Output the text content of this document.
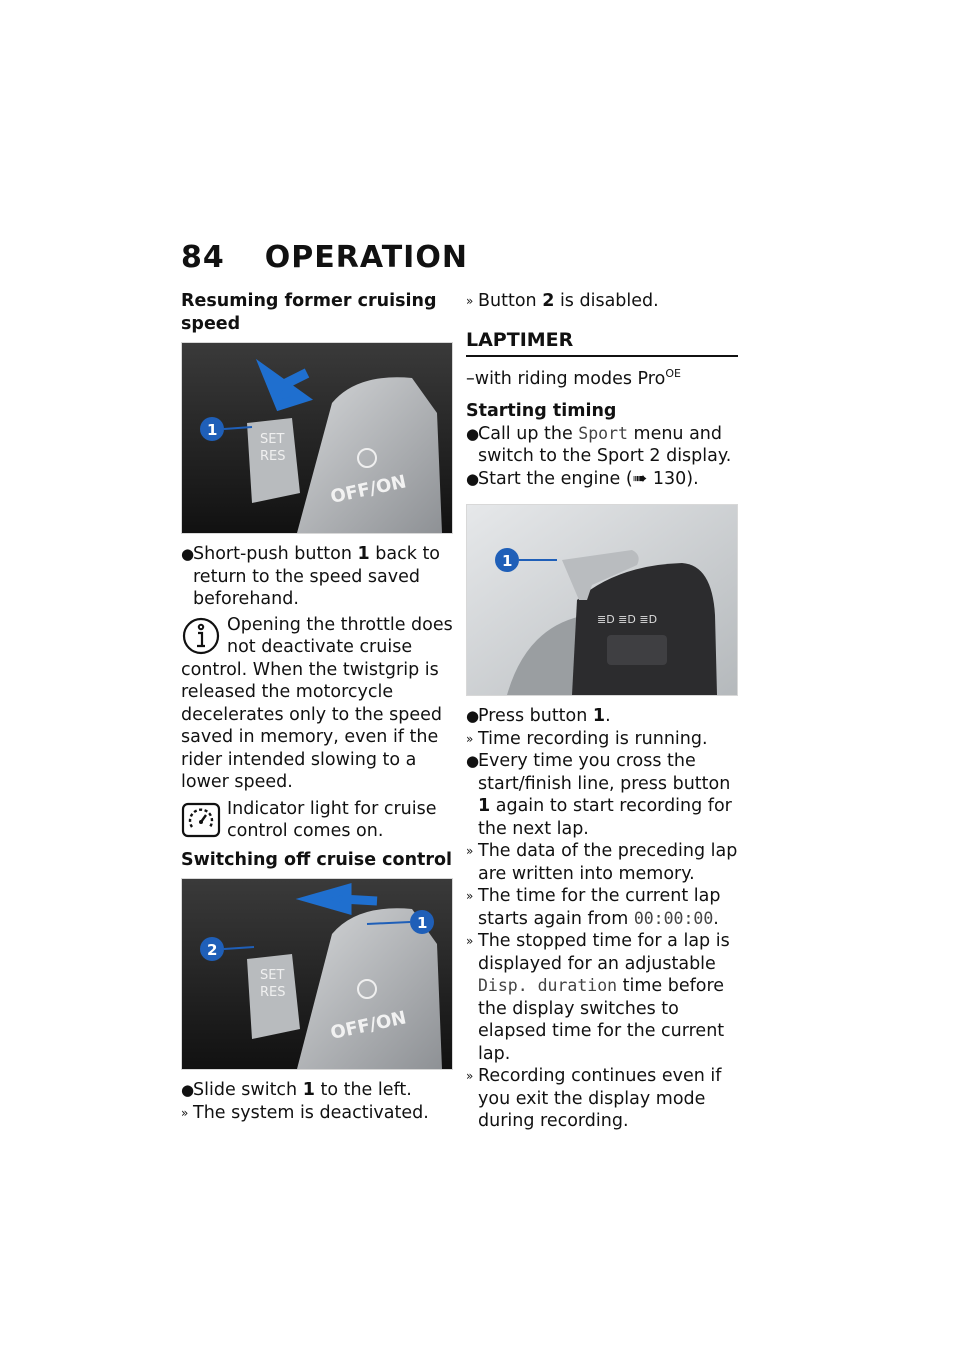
84 OPERATION

Resuming former cruising speed

SET
RES
OFF/ON
1
●
Short-push button 1 back to return to the speed saved beforehand.

Opening the throttle does not deactivate cruise control. When the twistgrip is released the motorcycle decelerates only to the speed saved in memory, even if the rider intended slowing to a lower speed.

Indicator light for cruise control comes on.

Switching off cruise control

SET
RES
OFF/ON
2
1
●
Slide switch 1 to the left.
» The system is deactivated.
» Button 2 is disabled.
LAPTIMER

–with riding modes Pro$^{OE}$

Starting timing

●
Call up the Sport menu and switch to the Sport 2 display.
●
Start the engine (➠ 130).
≣D ≣D ≣D
1
●
Press button 1.
» Time recording is running.
●
Every time you cross the start/finish line, press button 1 again to start recording for the next lap.
» The data of the preceding lap are written into memory.
» The time for the current lap starts again from 00:00:00.
» The stopped time for a lap is displayed for an adjustable Disp. duration time before the display switches to elapsed time for the current lap.
» Recording continues even if you exit the display mode during recording.
